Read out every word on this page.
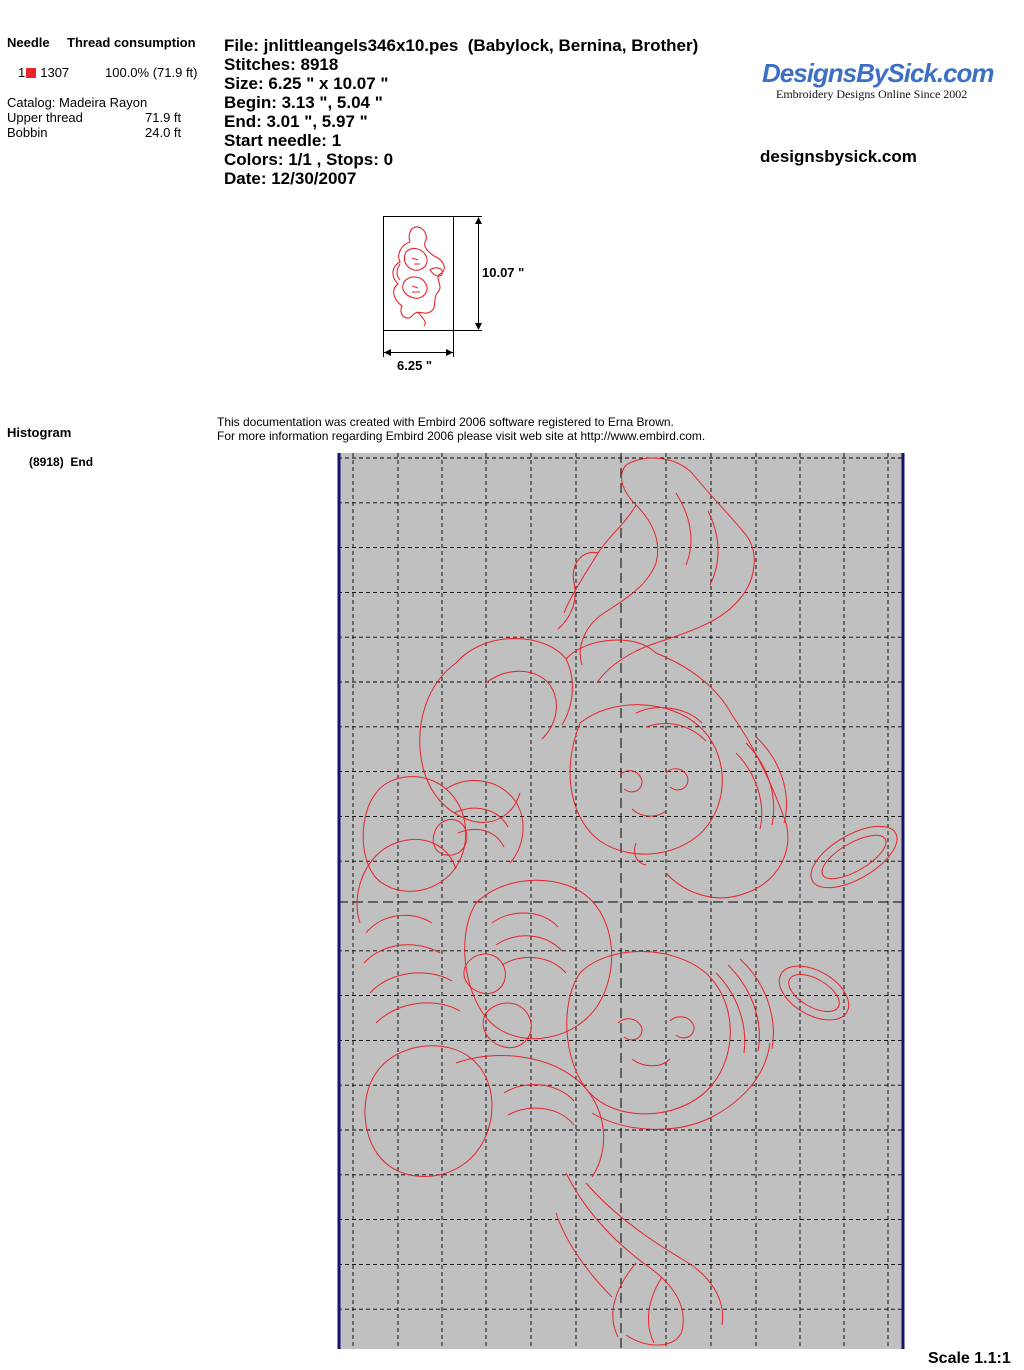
Needle Thread consumption
1 1307	100.0% (71.9 ft)
Catalog: Madeira Rayon
Upper thread	71.9 ft
Bobbin	24.0 ft
File: jnlittleangels346x10.pes  (Babylock, Bernina, Brother)
Stitches: 8918
Size: 6.25 " x 10.07 "
Begin: 3.13 ", 5.04 "
End: 3.01 ", 5.97 "
Start needle: 1
Colors: 1/1 , Stops: 0
Date: 12/30/2007
DesignsBySick.com
Embroidery Designs Online Since 2002
designsbysick.com
10.07 "
6.25 "
This documentation was created with Embird 2006 software registered to Erna Brown.
For more information regarding Embird 2006 please visit web site at http://www.embird.com.
Histogram
(8918)  End
Scale 1.1:1
